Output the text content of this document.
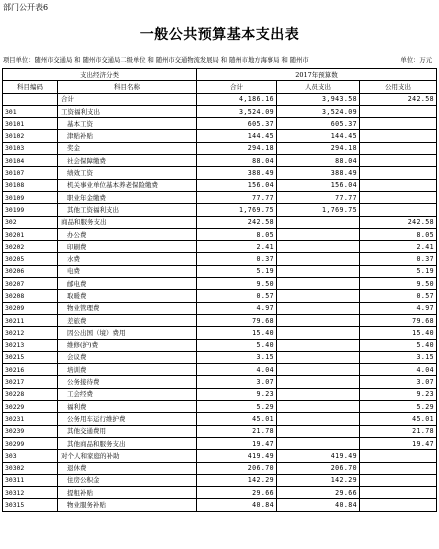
部门公开表6
一般公共预算基本支出表
项目单位：随州市交通局 和 随州市交通局二级单位 和 随州市交通物流发展局 和 随州市地方海事局 和 随州市	单位：万元
支出经济分类		2017年预算数		
科目编码	科目名称	合计	人员支出	公用支出
	合计	4,186.16	3,943.58	242.58
301	工资福利支出	3,524.09	3,524.09	
30101	基本工资	605.37	605.37	
30102	津贴补贴	144.45	144.45	
30103	奖金	294.18	294.18	
30104	社会保障缴费	88.04	88.04	
30107	绩效工资	388.49	388.49	
30108	机关事业单位基本养老保险缴费	156.04	156.04	
30109	职业年金缴费	77.77	77.77	
30199	其他工资福利支出	1,769.75	1,769.75	
302	商品和服务支出	242.58		242.58
30201	办公费	8.05		8.05
30202	印刷费	2.41		2.41
30205	水费	0.37		0.37
30206	电费	5.19		5.19
30207	邮电费	9.50		9.50
30208	取暖费	0.57		0.57
30209	物业管理费	4.97		4.97
30211	差旅费	79.68		79.68
30212	因公出国（境）费用	15.40		15.40
30213	维修(护)费	5.40		5.40
30215	会议费	3.15		3.15
30216	培训费	4.04		4.04
30217	公务接待费	3.07		3.07
30228	工会经费	9.23		9.23
30229	福利费	5.29		5.29
30231	公务用车运行维护费	45.01		45.01
30239	其他交通费用	21.78		21.78
30299	其他商品和服务支出	19.47		19.47
303	对个人和家庭的补助	419.49	419.49	
30302	退休费	206.70	206.70	
30311	住房公积金	142.29	142.29	
30312	提租补贴	29.66	29.66	
30315	物业服务补贴	40.84	40.84	
